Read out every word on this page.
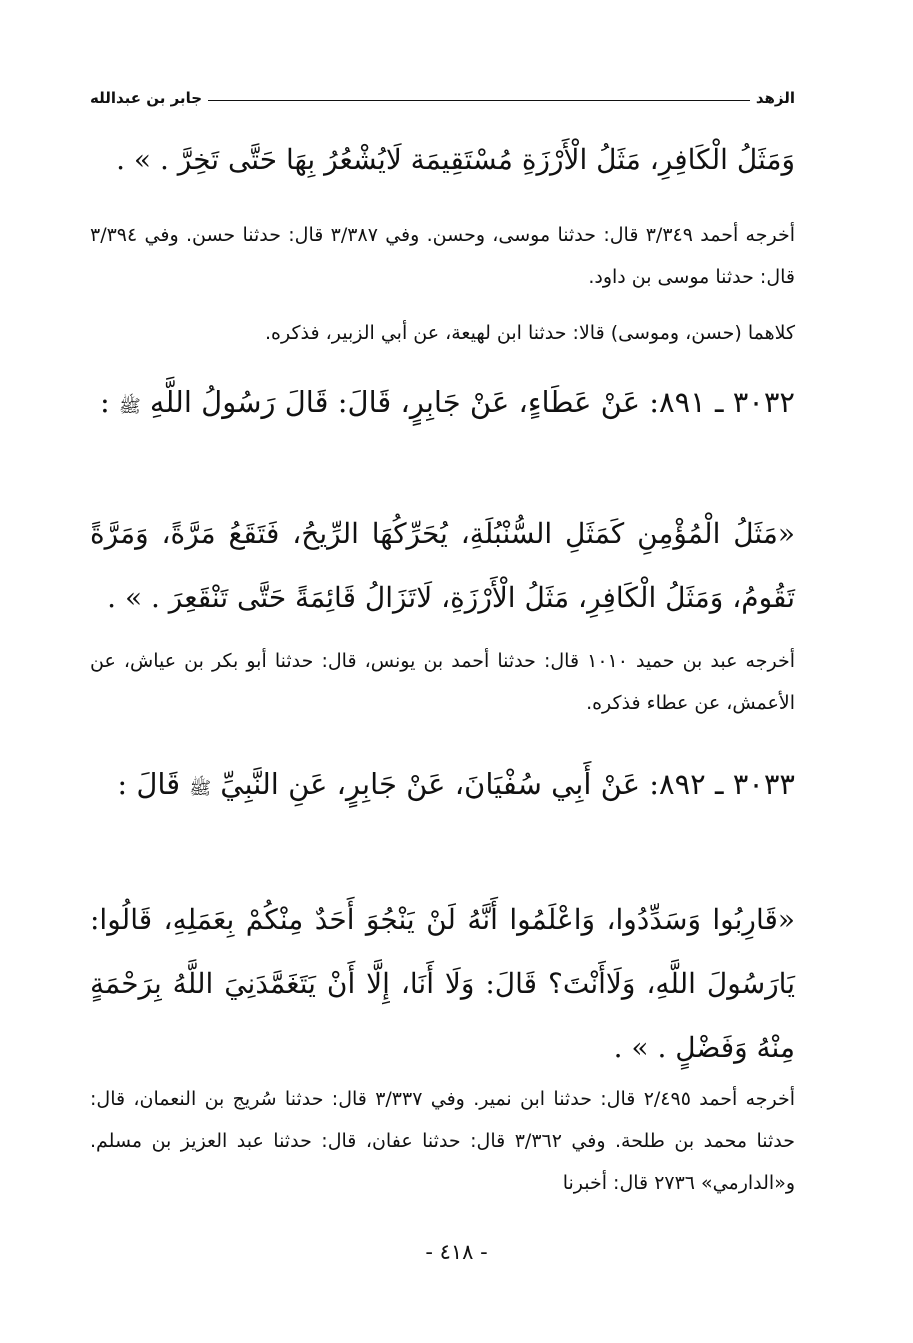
الزهد
جابر بن عبدالله

وَمَثَلُ الْكَافِرِ، مَثَلُ الْأَرْزَةِ مُسْتَقِيمَة لَايُشْعُرُ بِهَا حَتَّى تَخِرَّ . » .

أخرجه أحمد ٣/٣٤٩ قال: حدثنا موسى، وحسن. وفي ٣/٣٨٧ قال: حدثنا حسن. وفي ٣/٣٩٤ قال: حدثنا موسى بن داود.

كلاهما (حسن، وموسى) قالا: حدثنا ابن لهيعة، عن أبي الزبير، فذكره.

٣٠٣٢ ـ ٨٩١: عَنْ عَطَاءٍ، عَنْ جَابِرٍ، قَالَ: قَالَ رَسُولُ اللَّهِ ﷺ :

«مَثَلُ الْمُؤْمِنِ كَمَثَلِ السُّنْبُلَةِ، يُحَرِّكُهَا الرِّيحُ، فَتَقَعُ مَرَّةً، وَمَرَّةً تَقُومُ، وَمَثَلُ الْكَافِرِ، مَثَلُ الْأَرْزَةِ، لَاتَزَالُ قَائِمَةً حَتَّى تَنْقَعِرَ . » .

أخرجه عبد بن حميد ١٠١٠ قال: حدثنا أحمد بن يونس، قال: حدثنا أبو بكر بن عياش، عن الأعمش، عن عطاء فذكره.

٣٠٣٣ ـ ٨٩٢: عَنْ أَبِي سُفْيَانَ، عَنْ جَابِرٍ، عَنِ النَّبِيِّ ﷺ قَالَ :

«قَارِبُوا وَسَدِّدُوا، وَاعْلَمُوا أَنَّهُ لَنْ يَنْجُوَ أَحَدٌ مِنْكُمْ بِعَمَلِهِ، قَالُوا: يَارَسُولَ اللَّهِ، وَلَاأَنْتَ؟ قَالَ: وَلَا أَنَا، إِلَّا أَنْ يَتَغَمَّدَنِيَ اللَّهُ بِرَحْمَةٍ مِنْهُ وَفَضْلٍ . » .

أخرجه أحمد ٢/٤٩٥ قال: حدثنا ابن نمير. وفي ٣/٣٣٧ قال: حدثنا سُريج بن النعمان، قال: حدثنا محمد بن طلحة. وفي ٣/٣٦٢ قال: حدثنا عفان، قال: حدثنا عبد العزيز بن مسلم. و«الدارمي» ٢٧٣٦ قال: أخبرنا

- ٤١٨ -
